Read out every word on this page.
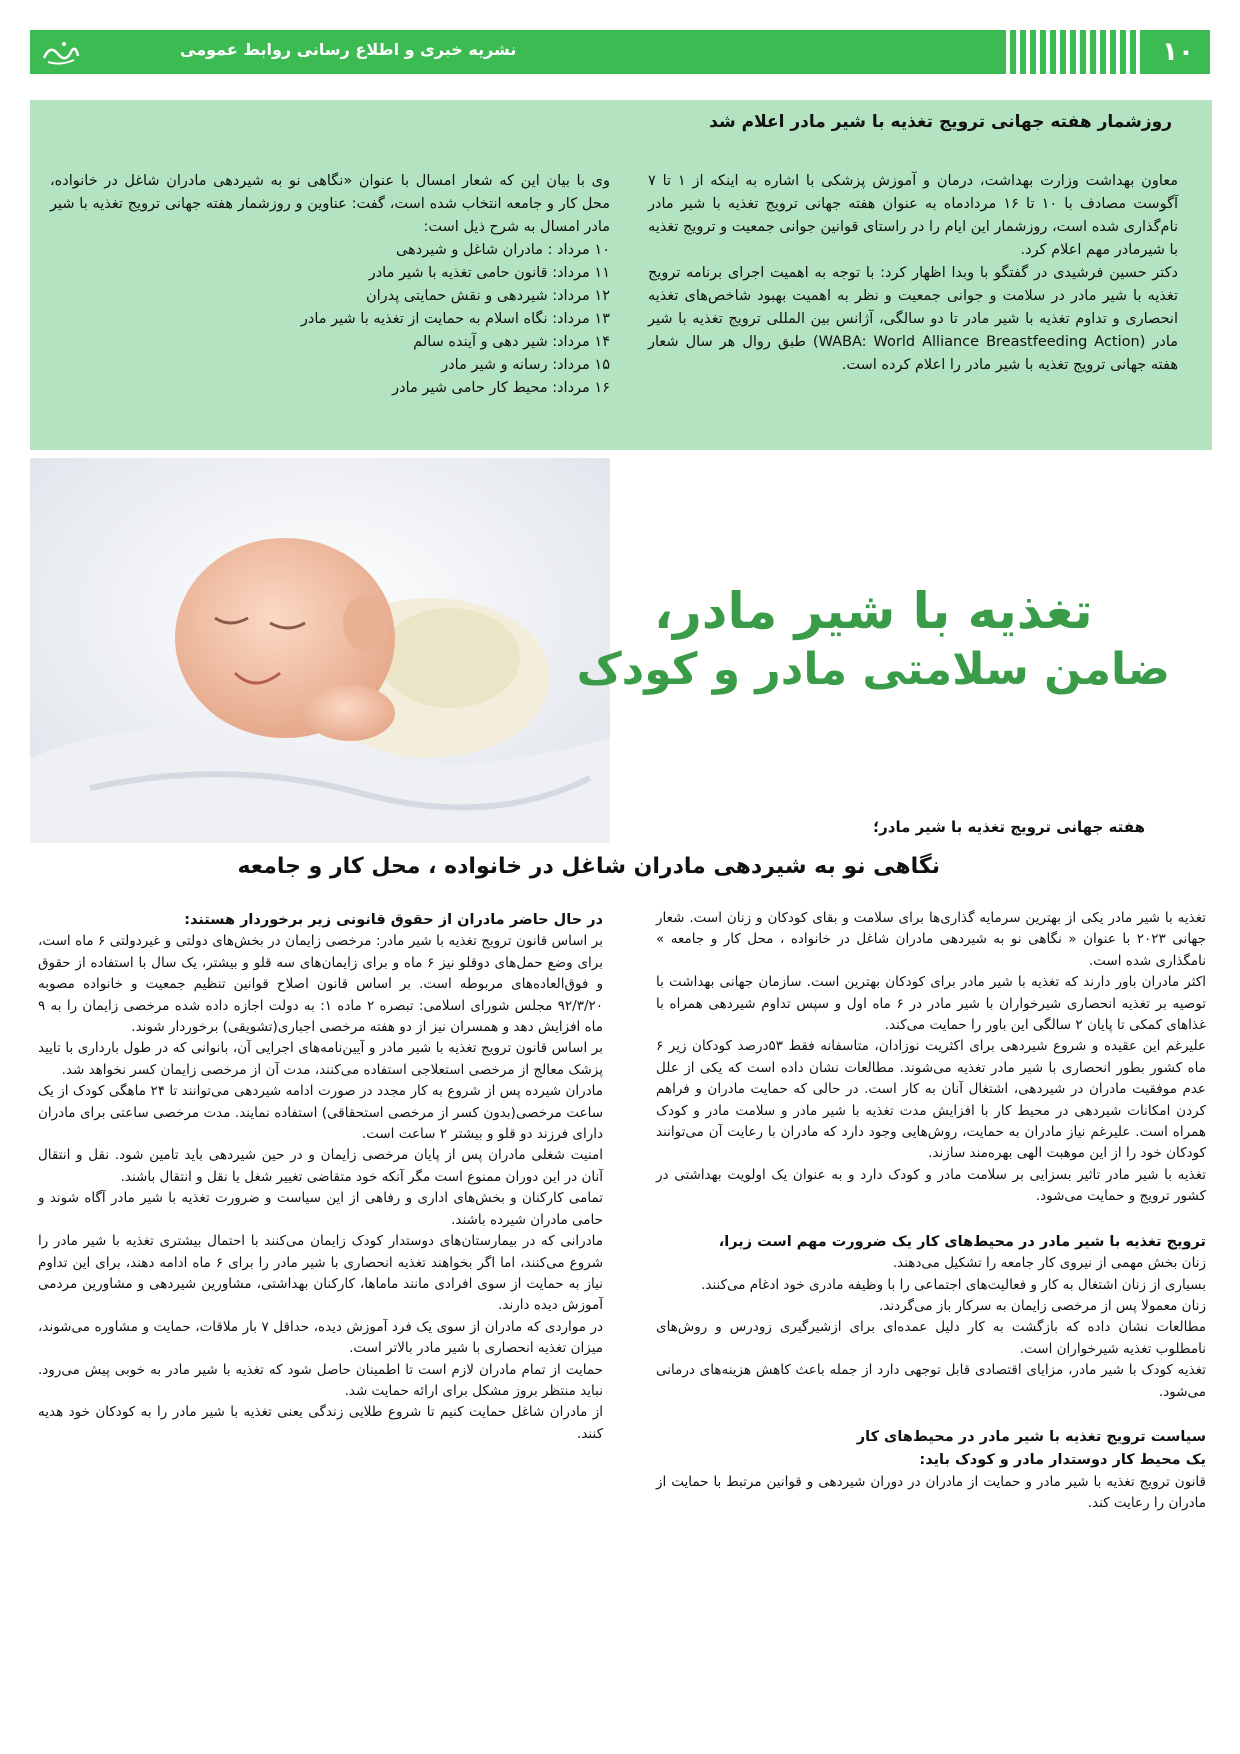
نشریه خبری و اطلاع رسانی روابط عمومی	۱۰
روزشمار هفته جهانی ترویج تغذیه با شیر مادر اعلام شد

معاون بهداشت وزارت بهداشت، درمان و آموزش پزشکی با اشاره به اینکه از ۱ تا ۷ آگوست مصادف با ۱۰ تا ۱۶ مردادماه به عنوان هفته جهانی ترویج تغذیه با شیر مادر نام‌گذاری شده است، روزشمار این ایام را در راستای قوانین جوانی جمعیت و ترویج تغذیه با شیرمادر مهم اعلام کرد.

دکتر حسین فرشیدی در گفتگو با وبدا اظهار کرد: با توجه به اهمیت اجرای برنامه ترویج تغذیه با شیر مادر در سلامت و جوانی جمعیت و نظر به اهمیت بهبود شاخص‌های تغذیه انحصاری و تداوم تغذیه با شیر مادر تا دو سالگی، آژانس بین المللی ترویج تغذیه با شیر مادر (WABA: World Alliance Breastfeeding Action) طبق روال هر سال شعار هفته جهانی ترویج تغذیه با شیر مادر را اعلام کرده است.

وی با بیان این که شعار امسال با عنوان «نگاهی نو به شیردهی مادران شاغل در خانواده، محل کار و جامعه انتخاب شده است، گفت: عناوین و روزشمار هفته جهانی ترویج تغذیه با شیر مادر امسال به شرح ذیل است:

۱۰ مرداد : مادران شاغل و شیردهی
۱۱ مرداد: قانون حامی تغذیه با شیر مادر
۱۲ مرداد: شیردهی و نقش حمایتی پدران
۱۳ مرداد: نگاه اسلام به حمایت از تغذیه با شیر مادر
۱۴ مرداد: شیر دهی و آینده سالم
۱۵ مرداد: رسانه و شیر مادر
۱۶ مرداد: محیط کار حامی شیر مادر
تغذیه با شیر مادر،
ضامن سلامتی مادر و کودک
هفته جهانی ترویج تغذیه با شیر مادر؛
نگاهی نو به شیردهی مادران شاغل در خانواده ، محل کار و جامعه

تغذیه با شیر مادر یکی از بهترین سرمایه گذاری‌ها برای سلامت و بقای کودکان و زنان است. شعار جهانی ۲۰۲۳ با عنوان « نگاهی نو به شیردهی مادران شاغل در خانواده ، محل کار و جامعه » نامگذاری شده است.

اکثر مادران باور دارند که تغذیه با شیر مادر برای کودکان بهترین است. سازمان جهانی بهداشت با توصیه بر تغذیه انحصاری شیرخواران با شیر مادر در ۶ ماه اول و سپس تداوم شیردهی همراه با غذاهای کمکی تا پایان ۲ سالگی این باور را حمایت می‌کند.

علیرغم این عقیده و شروع شیردهی برای اکثریت نوزادان، متاسفانه فقط ۵۳درصد کودکان زیر ۶ ماه کشور بطور انحصاری با شیر مادر تغذیه می‌شوند. مطالعات نشان داده است که یکی از علل عدم موفقیت مادران در شیردهی، اشتغال آنان به کار است. در حالی که حمایت مادران و فراهم کردن امکانات شیردهی در محیط کار با افزایش مدت تغذیه با شیر مادر و سلامت مادر و کودک همراه است. علیرغم نیاز مادران به حمایت، روش‌هایی وجود دارد که مادران با رعایت آن می‌توانند کودکان خود را از این موهبت الهی بهره‌مند سازند.

تغذیه با شیر مادر تاثیر بسزایی بر سلامت مادر و کودک دارد و به عنوان یک اولویت بهداشتی در کشور ترویج و حمایت می‌شود.

ترویج تغذیه با شیر مادر در محیط‌های کار یک ضرورت مهم است زیرا،

زنان بخش مهمی از نیروی کار جامعه را تشکیل می‌دهند.

بسیاری از زنان اشتغال به کار و فعالیت‌های اجتماعی را با وظیفه مادری خود ادغام می‌کنند.

زنان معمولا پس از مرخصی زایمان به سرکار باز می‌گردند.

مطالعات نشان داده که بازگشت به کار دلیل عمده‌ای برای ازشیرگیری زودرس و روش‌های نامطلوب تغذیه شیرخواران است.

تغذیه کودک با شیر مادر، مزایای اقتصادی قابل توجهی دارد از جمله باعث کاهش هزینه‌های درمانی می‌شود.

سیاست ترویج تغذیه با شیر مادر در محیط‌های کار

یک محیط کار دوستدار مادر و کودک باید:

قانون ترویج تغذیه با شیر مادر و حمایت از مادران در دوران شیردهی و قوانین مرتبط با حمایت از مادران را رعایت کند.

در حال حاضر مادران از حقوق قانونی زیر برخوردار هستند:

بر اساس قانون ترویج تغذیه با شیر مادر: مرخصی زایمان در بخش‌های دولتی و غیردولتی ۶ ماه است، برای وضع حمل‌های دوقلو نیز ۶ ماه و برای زایمان‌های سه قلو و بیشتر، یک سال با استفاده از حقوق و فوق‌العاده‌های مربوطه است. بر اساس قانون اصلاح قوانین تنظیم جمعیت و خانواده مصوبه ۹۲/۳/۲۰ مجلس شورای اسلامی: تبصره ۲ ماده ۱: به دولت اجازه داده شده مرخصی زایمان را به ۹ ماه افزایش دهد و همسران نیز از دو هفته مرخصی اجباری(تشویقی) برخوردار شوند.

بر اساس قانون ترویج تغذیه با شیر مادر و آیین‌نامه‌های اجرایی آن، بانوانی که در طول بارداری با تایید پزشک معالج از مرخصی استعلاجی استفاده می‌کنند، مدت آن از مرخصی زایمان کسر نخواهد شد.

مادران شیرده پس از شروع به کار مجدد در صورت ادامه شیردهی می‌توانند تا ۲۴ ماهگی کودک از یک ساعت مرخصی(بدون کسر از مرخصی استحقاقی) استفاده نمایند. مدت مرخصی ساعتی برای مادران دارای فرزند دو قلو و بیشتر ۲ ساعت است.

امنیت شغلی مادران پس از پایان مرخصی زایمان و در حین شیردهی باید تامین شود. نقل و انتقال آنان در این دوران ممنوع است مگر آنکه خود متقاضی تغییر شغل یا نقل و انتقال باشند.

تمامی کارکنان و بخش‌های اداری و رفاهی از این سیاست و ضرورت تغذیه با شیر مادر آگاه شوند و حامی مادران شیرده باشند.

مادرانی که در بیمارستان‌های دوستدار کودک زایمان می‌کنند با احتمال بیشتری تغذیه با شیر مادر را شروع می‌کنند، اما اگر بخواهند تغذیه انحصاری با شیر مادر را برای ۶ ماه ادامه دهند، برای این تداوم نیاز به حمایت از سوی افرادی مانند ماماها، کارکنان بهداشتی، مشاورین شیردهی و مشاورین مردمی آموزش دیده دارند.

در مواردی که مادران از سوی یک فرد آموزش دیده، حداقل ۷ بار ملاقات، حمایت و مشاوره می‌شوند، میزان تغذیه انحصاری با شیر مادر بالاتر است.

حمایت از تمام مادران لازم است تا اطمینان حاصل شود که تغذیه با شیر مادر به خوبی پیش می‌رود. نباید منتظر بروز مشکل برای ارائه حمایت شد.

از مادران شاغل حمایت کنیم تا شروع طلایی زندگی یعنی تغذیه با شیر مادر را به کودکان خود هدیه کنند.
